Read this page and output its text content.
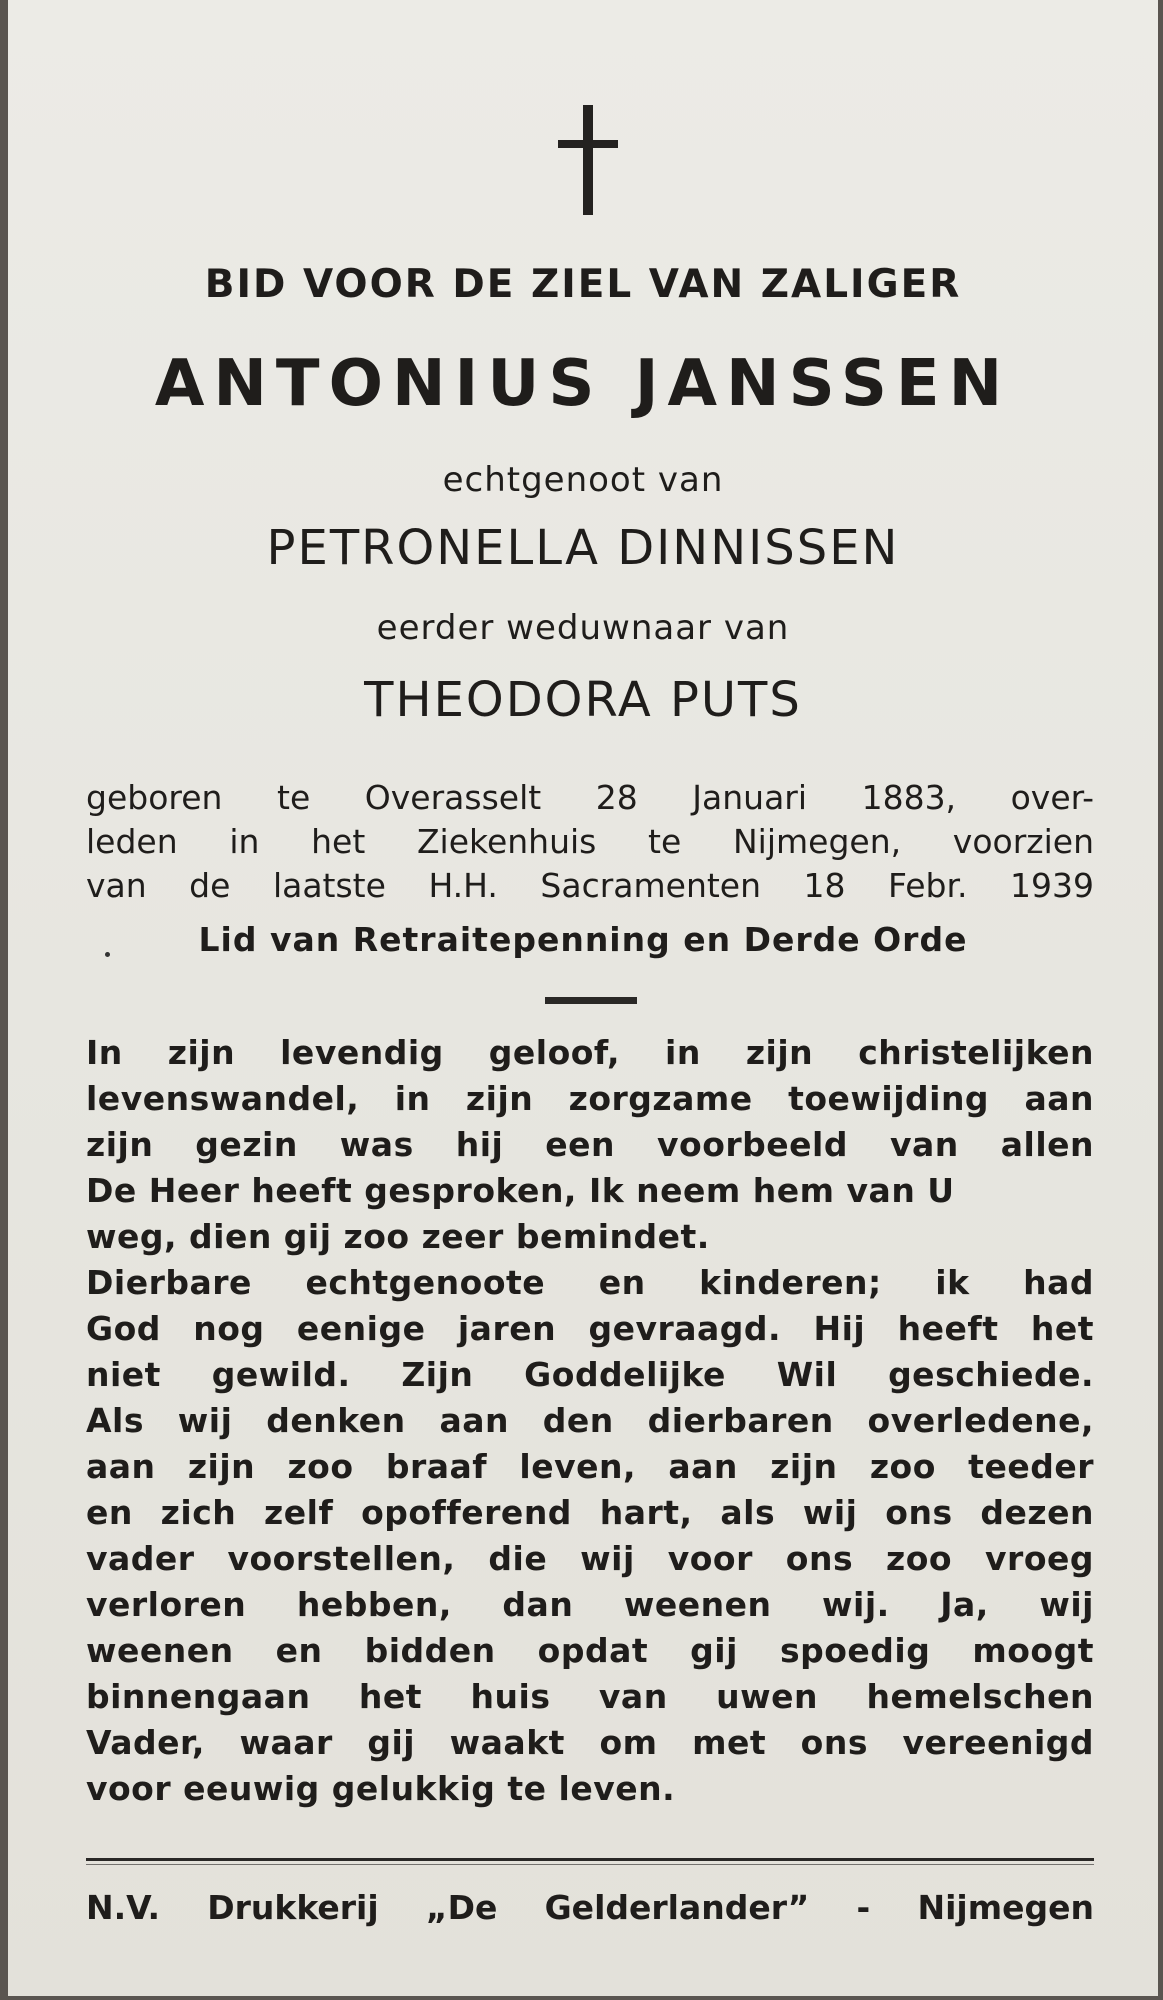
BID VOOR DE ZIEL VAN ZALIGER
ANTONIUS JANSSEN
echtgenoot van
PETRONELLA DINNISSEN
eerder weduwnaar van
THEODORA PUTS
geboren te Overasselt 28 Januari 1883, over-
leden in het Ziekenhuis te Nijmegen, voorzien
van de laatste H.H. Sacramenten 18 Febr. 1939
Lid van Retraitepenning en Derde Orde
In zijn levendig geloof, in zijn christelijken
levenswandel, in zijn zorgzame toewijding aan
zijn gezin was hij een voorbeeld van allen
De Heer heeft gesproken, Ik neem hem van U
weg, dien gij zoo zeer bemindet.
Dierbare echtgenoote en kinderen; ik had
God nog eenige jaren gevraagd. Hij heeft het
niet gewild. Zijn Goddelijke Wil geschiede.
Als wij denken aan den dierbaren overledene,
aan zijn zoo braaf leven, aan zijn zoo teeder
en zich zelf opofferend hart, als wij ons dezen
vader voorstellen, die wij voor ons zoo vroeg
verloren hebben, dan weenen wij. Ja, wij
weenen en bidden opdat gij spoedig moogt
binnengaan het huis van uwen hemelschen
Vader, waar gij waakt om met ons vereenigd
voor eeuwig gelukkig te leven.
N.V. Drukkerij „De Gelderlander” - Nijmegen
